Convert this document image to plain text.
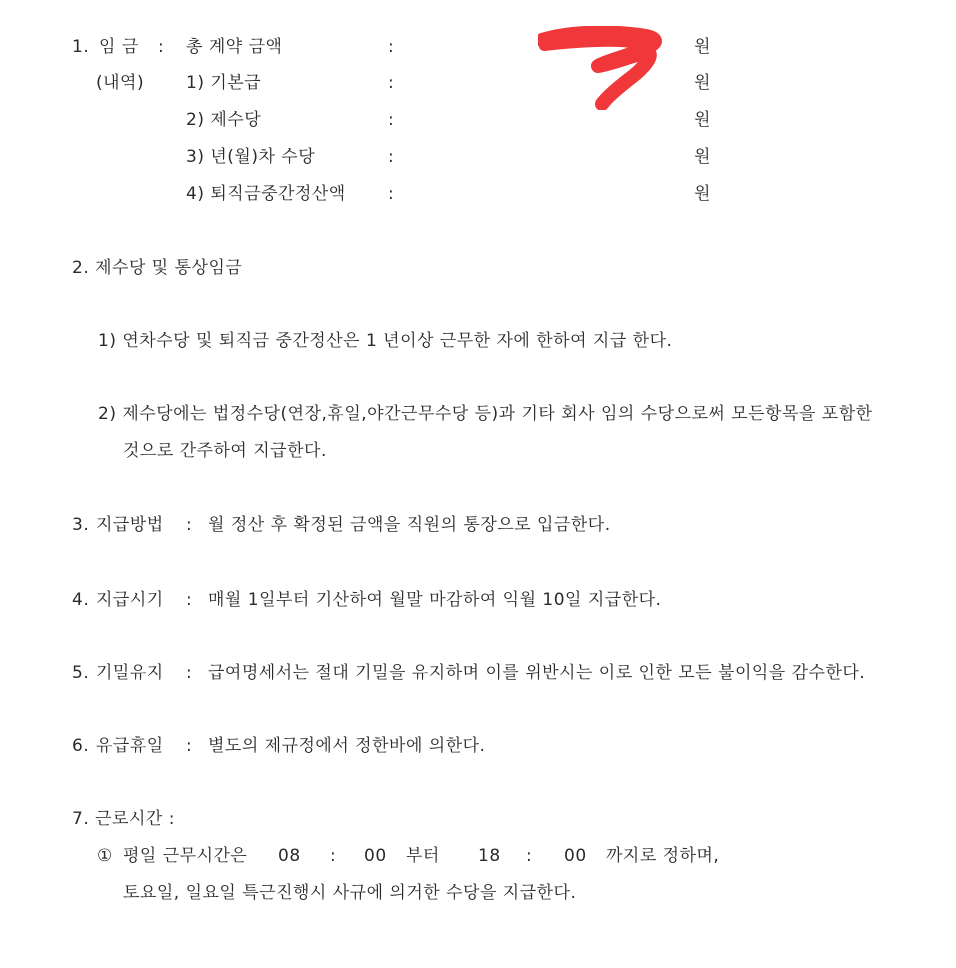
1. 임 금 : 총 계약 금액	:	0	원
(내역) 1) 기본급	:	원
2) 제수당	:	원
3) 년(월)차 수당	:	원
4) 퇴직금중간정산액 :	원
2. 제수당 및 통상임금
1) 연차수당 및 퇴직금 중간정산은 1 년이상 근무한 자에 한하여 지급 한다.
2) 제수당에는 법정수당(연장,휴일,야간근무수당 등)과 기타 회사 임의 수당으로써 모든항목을 포함한
것으로 간주하여 지급한다.
3. 지급방법 : 월 정산 후 확정된 금액을 직원의 통장으로 입금한다.
4. 지급시기 : 매월 1일부터 기산하여 월말 마감하여 익월 10일 지급한다.
5. 기밀유지 : 급여명세서는 절대 기밀을 유지하며 이를 위반시는 이로 인한 모든 불이익을 감수한다.
6. 유급휴일 : 별도의 제규정에서 정한바에 의한다.
7. 근로시간 :
① 평일 근무시간은 08 : 00 부터 18 : 00 까지로 정하며,
토요일, 일요일 특근진행시 사규에 의거한 수당을 지급한다.
